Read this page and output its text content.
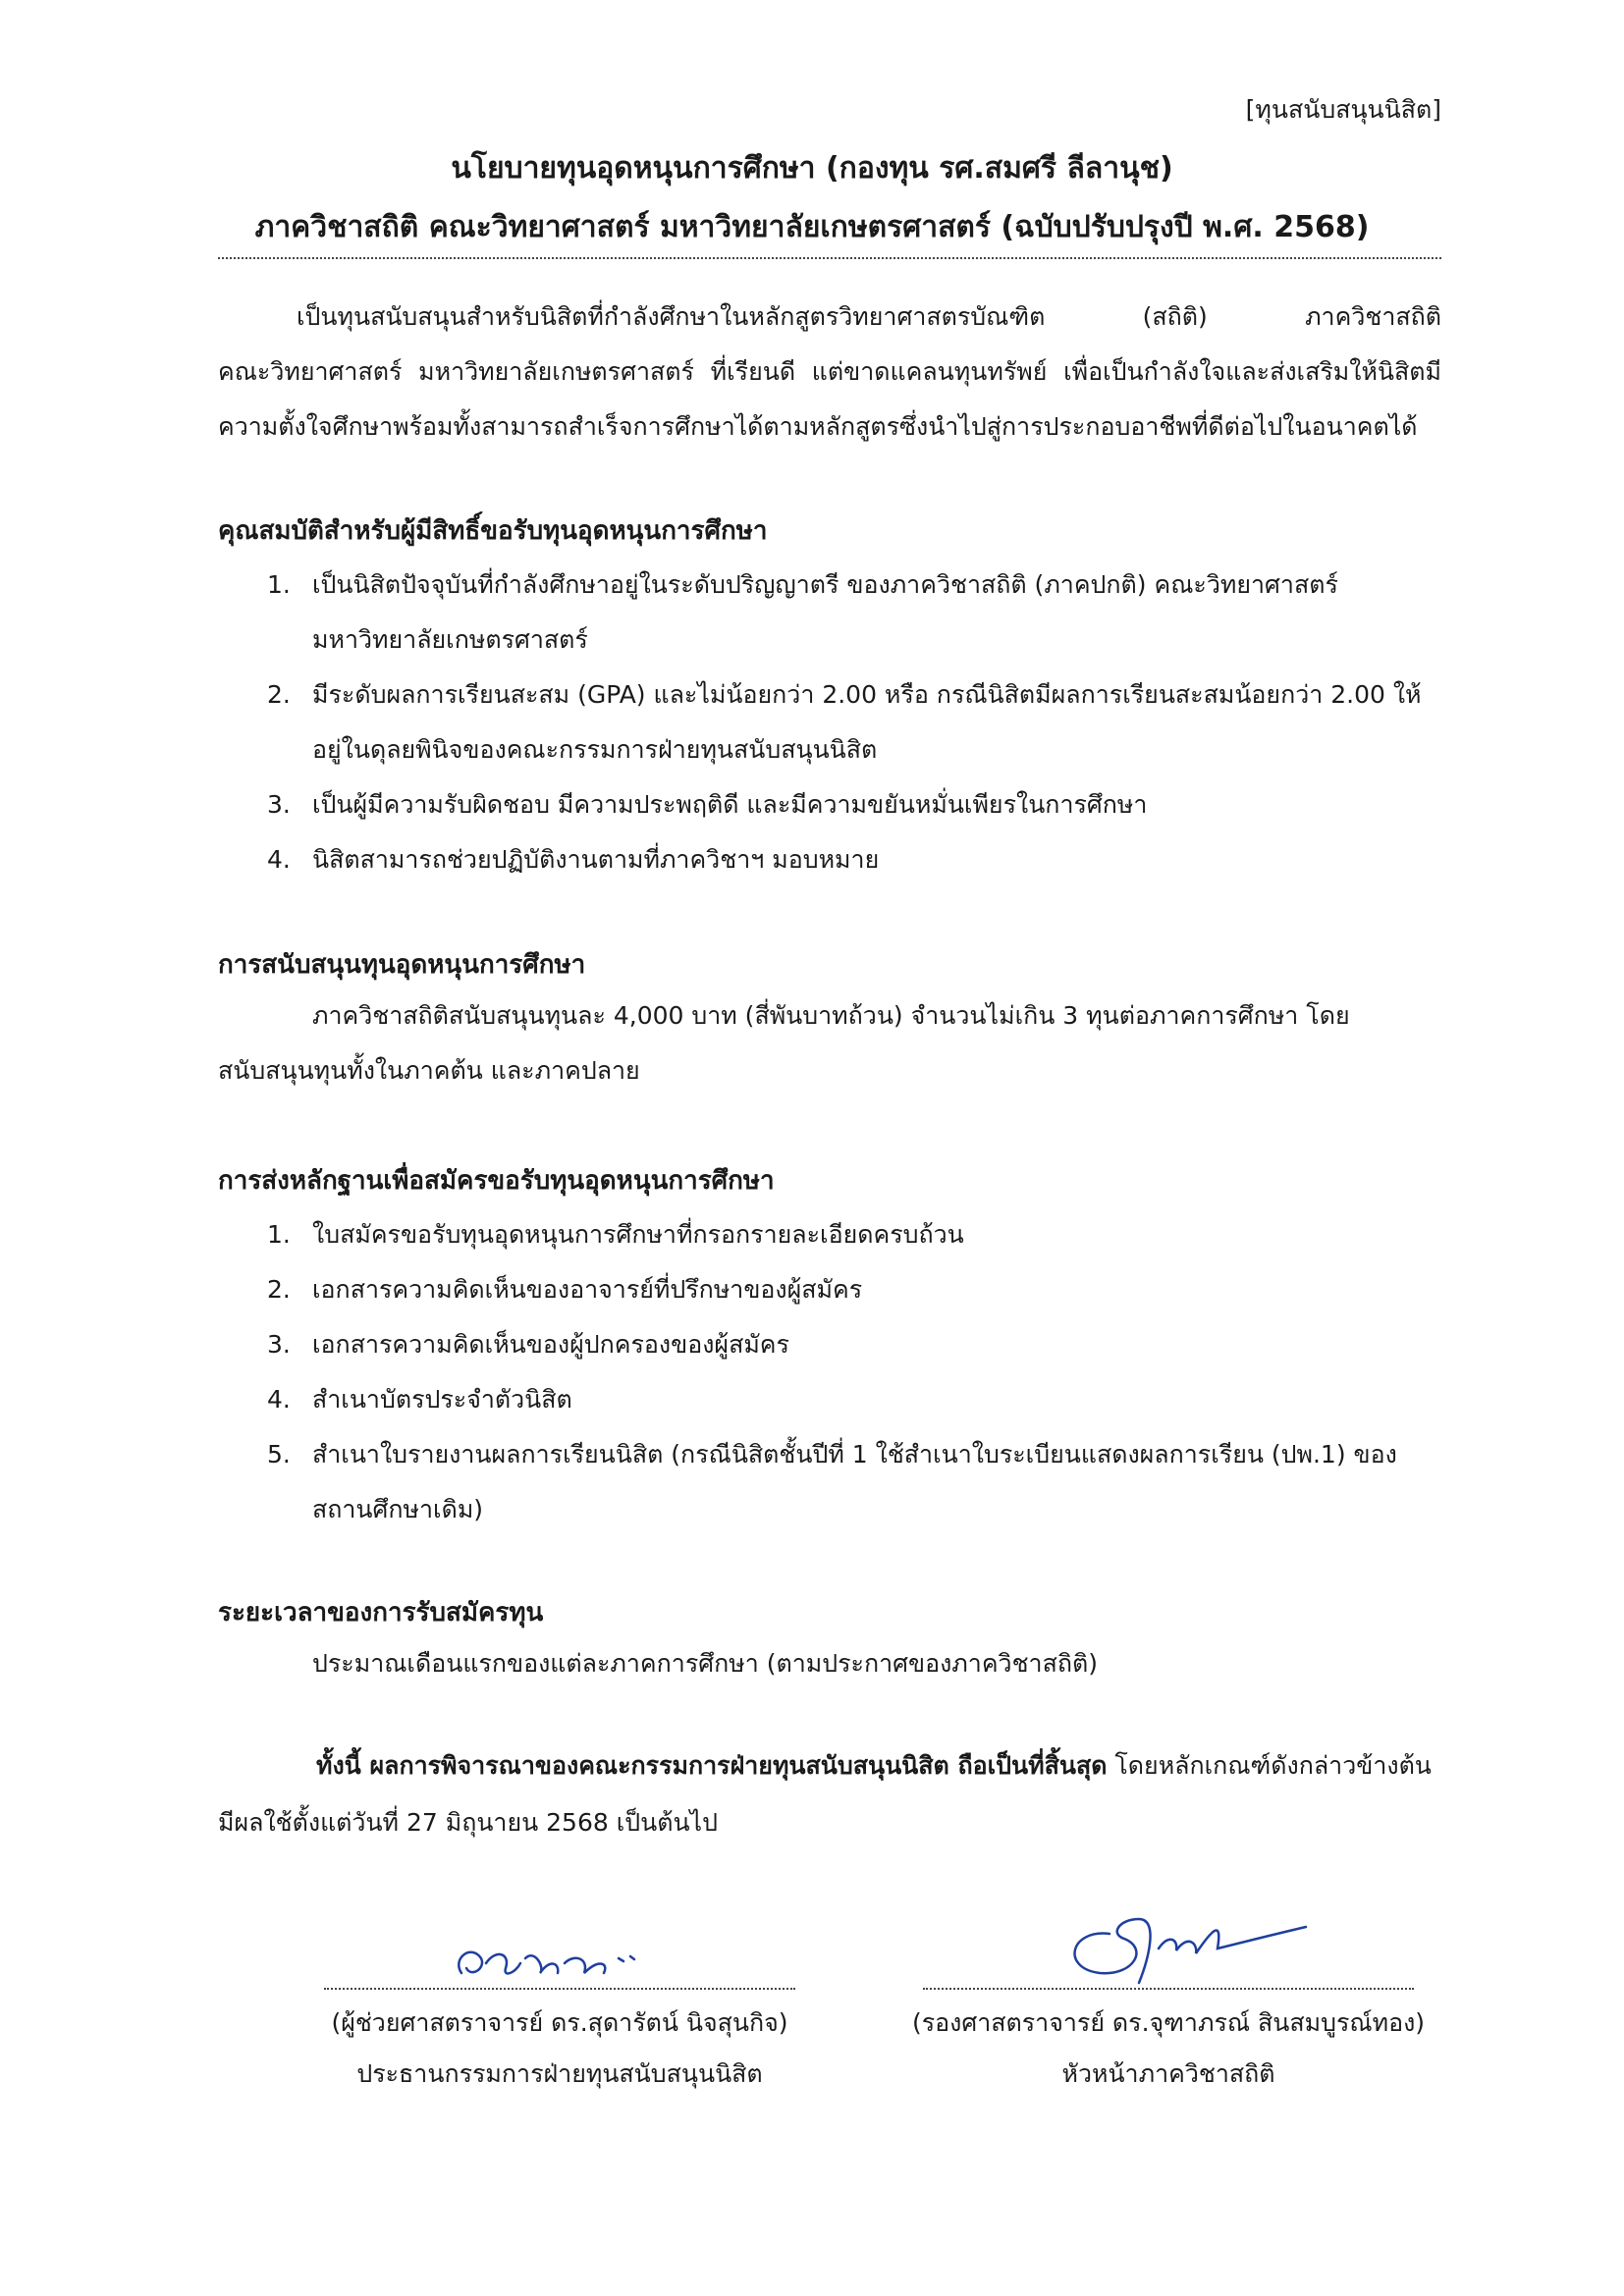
[ทุนสนับสนุนนิสิต]
นโยบายทุนอุดหนุนการศึกษา (กองทุน รศ.สมศรี ลีลานุช)
ภาควิชาสถิติ คณะวิทยาศาสตร์ มหาวิทยาลัยเกษตรศาสตร์ (ฉบับปรับปรุงปี พ.ศ. 2568)
เป็นทุนสนับสนุนสำหรับนิสิตที่กำลังศึกษาในหลักสูตรวิทยาศาสตรบัณฑิต (สถิติ) ภาควิชาสถิติ
คณะวิทยาศาสตร์ มหาวิทยาลัยเกษตรศาสตร์ ที่เรียนดี แต่ขาดแคลนทุนทรัพย์ เพื่อเป็นกำลังใจและส่งเสริมให้นิสิตมี
ความตั้งใจศึกษาพร้อมทั้งสามารถสำเร็จการศึกษาได้ตามหลักสูตรซึ่งนำไปสู่การประกอบอาชีพที่ดีต่อไปในอนาคตได้
คุณสมบัติสำหรับผู้มีสิทธิ์ขอรับทุนอุดหนุนการศึกษา
1. เป็นนิสิตปัจจุบันที่กำลังศึกษาอยู่ในระดับปริญญาตรี ของภาควิชาสถิติ (ภาคปกติ) คณะวิทยาศาสตร์
มหาวิทยาลัยเกษตรศาสตร์
2. มีระดับผลการเรียนสะสม (GPA) และไม่น้อยกว่า 2.00 หรือ กรณีนิสิตมีผลการเรียนสะสมน้อยกว่า 2.00 ให้
อยู่ในดุลยพินิจของคณะกรรมการฝ่ายทุนสนับสนุนนิสิต
3. เป็นผู้มีความรับผิดชอบ มีความประพฤติดี และมีความขยันหมั่นเพียรในการศึกษา
4. นิสิตสามารถช่วยปฏิบัติงานตามที่ภาควิชาฯ มอบหมาย
การสนับสนุนทุนอุดหนุนการศึกษา
ภาควิชาสถิติสนับสนุนทุนละ 4,000 บาท (สี่พันบาทถ้วน) จำนวนไม่เกิน 3 ทุนต่อภาคการศึกษา โดย
สนับสนุนทุนทั้งในภาคต้น และภาคปลาย
การส่งหลักฐานเพื่อสมัครขอรับทุนอุดหนุนการศึกษา
1. ใบสมัครขอรับทุนอุดหนุนการศึกษาที่กรอกรายละเอียดครบถ้วน
2. เอกสารความคิดเห็นของอาจารย์ที่ปรึกษาของผู้สมัคร
3. เอกสารความคิดเห็นของผู้ปกครองของผู้สมัคร
4. สำเนาบัตรประจำตัวนิสิต
5. สำเนาใบรายงานผลการเรียนนิสิต (กรณีนิสิตชั้นปีที่ 1 ใช้สำเนาใบระเบียนแสดงผลการเรียน (ปพ.1) ของ
สถานศึกษาเดิม)
ระยะเวลาของการรับสมัครทุน
ประมาณเดือนแรกของแต่ละภาคการศึกษา (ตามประกาศของภาควิชาสถิติ)
ทั้งนี้ ผลการพิจารณาของคณะกรรมการฝ่ายทุนสนับสนุนนิสิต ถือเป็นที่สิ้นสุด โดยหลักเกณฑ์ดังกล่าวข้างต้น
มีผลใช้ตั้งแต่วันที่ 27 มิถุนายน 2568 เป็นต้นไป
(ผู้ช่วยศาสตราจารย์ ดร.สุดารัตน์ นิจสุนกิจ)
ประธานกรรมการฝ่ายทุนสนับสนุนนิสิต
(รองศาสตราจารย์ ดร.จุฑาภรณ์ สินสมบูรณ์ทอง)
หัวหน้าภาควิชาสถิติ
